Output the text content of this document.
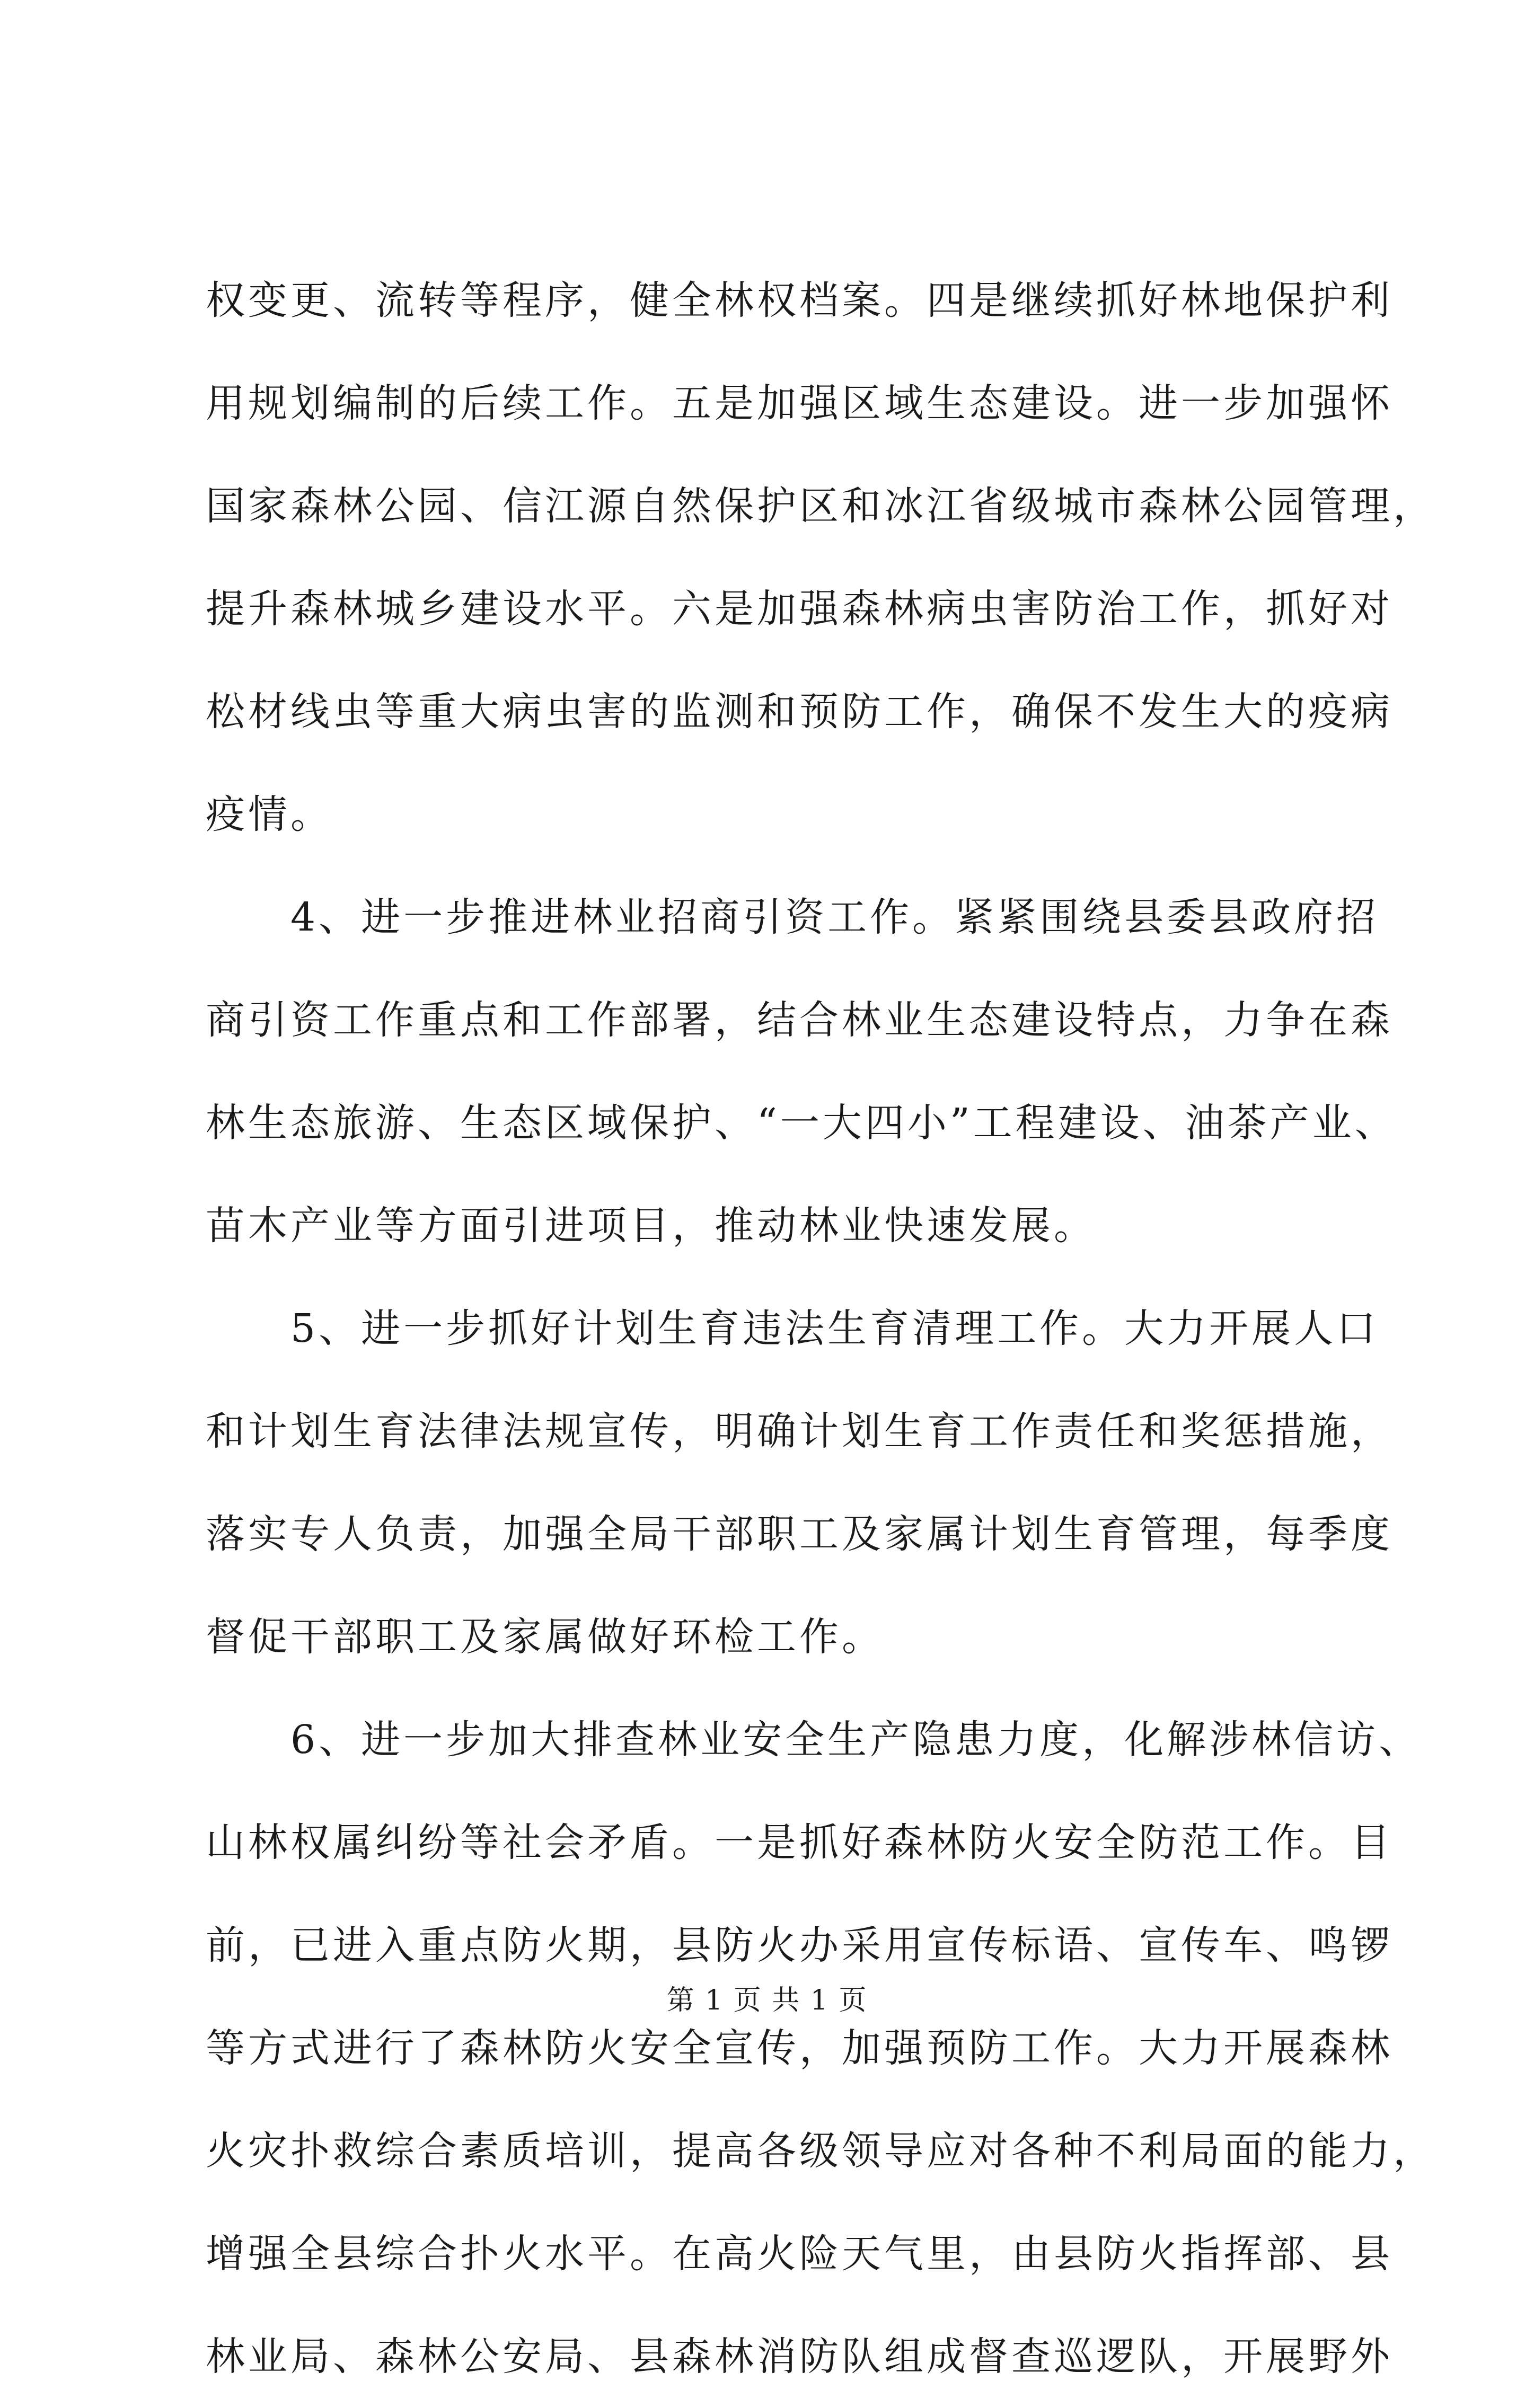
权变更、流转等程序，健全林权档案。四是继续抓好林地保护利
用规划编制的后续工作。五是加强区域生态建设。进一步加强怀
国家森林公园、信江源自然保护区和冰江省级城市森林公园管理，
提升森林城乡建设水平。六是加强森林病虫害防治工作，抓好对
松材线虫等重大病虫害的监测和预防工作，确保不发生大的疫病
疫情。
　　4、进一步推进林业招商引资工作。紧紧围绕县委县政府招
商引资工作重点和工作部署，结合林业生态建设特点，力争在森
林生态旅游、生态区域保护、“一大四小”工程建设、油茶产业、
苗木产业等方面引进项目，推动林业快速发展。
　　5、进一步抓好计划生育违法生育清理工作。大力开展人口
和计划生育法律法规宣传，明确计划生育工作责任和奖惩措施，
落实专人负责，加强全局干部职工及家属计划生育管理，每季度
督促干部职工及家属做好环检工作。
　　6、进一步加大排查林业安全生产隐患力度，化解涉林信访、
山林权属纠纷等社会矛盾。一是抓好森林防火安全防范工作。目
前，已进入重点防火期，县防火办采用宣传标语、宣传车、鸣锣
等方式进行了森林防火安全宣传，加强预防工作。大力开展森林
火灾扑救综合素质培训，提高各级领导应对各种不利局面的能力，
增强全县综合扑火水平。在高火险天气里，由县防火指挥部、县
林业局、森林公安局、县森林消防队组成督查巡逻队，开展野外
第 1 页 共 1 页
